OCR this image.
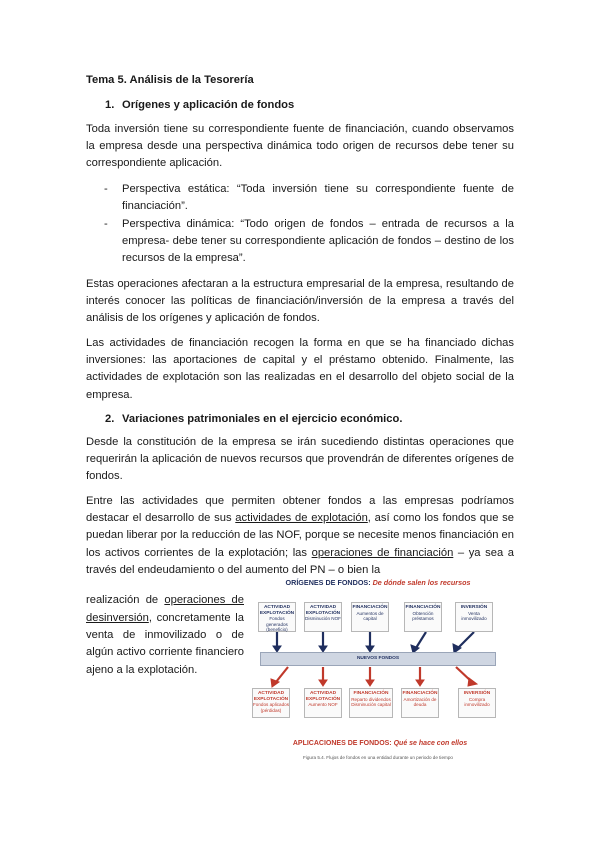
Tema 5. Análisis de la Tesorería

1. Orígenes y aplicación de fondos

Toda inversión tiene su correspondiente fuente de financiación, cuando observamos la empresa desde una perspectiva dinámica todo origen de recursos debe tener su correspondiente aplicación.

- Perspectiva estática: “Toda inversión tiene su correspondiente fuente de financiación”.
- Perspectiva dinámica: “Todo origen de fondos – entrada de recursos a la empresa- debe tener su correspondiente aplicación de fondos – destino de los recursos de la empresa”.

Estas operaciones afectaran a la estructura empresarial de la empresa, resultando de interés conocer las políticas de financiación/inversión de la empresa a través del análisis de los orígenes y aplicación de fondos.

Las actividades de financiación recogen la forma en que se ha financiado dichas inversiones: las aportaciones de capital y el préstamo obtenido. Finalmente, las actividades de explotación son las realizadas en el desarrollo del objeto social de la empresa.

2. Variaciones patrimoniales en el ejercicio económico.

Desde la constitución de la empresa se irán sucediendo distintas operaciones que requerirán la aplicación de nuevos recursos que provendrán de diferentes orígenes de fondos.

Entre las actividades que permiten obtener fondos a las empresas podríamos destacar el desarrollo de sus actividades de explotación, así como los fondos que se puedan liberar por la reducción de las NOF, porque se necesite menos financiación en los activos corrientes de la explotación; las operaciones de financiación – ya sea a través del endeudamiento o del aumento del PN – o bien la

realización de operaciones de desinversión, concretamente la venta de inmovilizado o de algún activo corriente financiero ajeno a la explotación.

ORÍGENES DE FONDOS: De dónde salen los recursos
ACTIVIDAD EXPLOTACIÓN
Fondos generados (beneficio)
ACTIVIDAD EXPLOTACIÓN
Disminución NOF
FINANCIACIÓN
Aumentos de capital
FINANCIACIÓN
Obtención préstamos
INVERSIÓN
Venta inmovilizado
NUEVOS FONDOS
ACTIVIDAD EXPLOTACIÓN
Fondos aplicados (pérdidas)
ACTIVIDAD EXPLOTACIÓN
Aumento NOF
FINANCIACIÓN
Reparto dividendos Disminución capital
FINANCIACIÓN
Amortización de deuda
INVERSIÓN
Compra inmovilizado
APLICACIONES DE FONDOS: Qué se hace con ellos
Figura 5.4. Flujos de fondos en una entidad durante un periodo de tiempo
